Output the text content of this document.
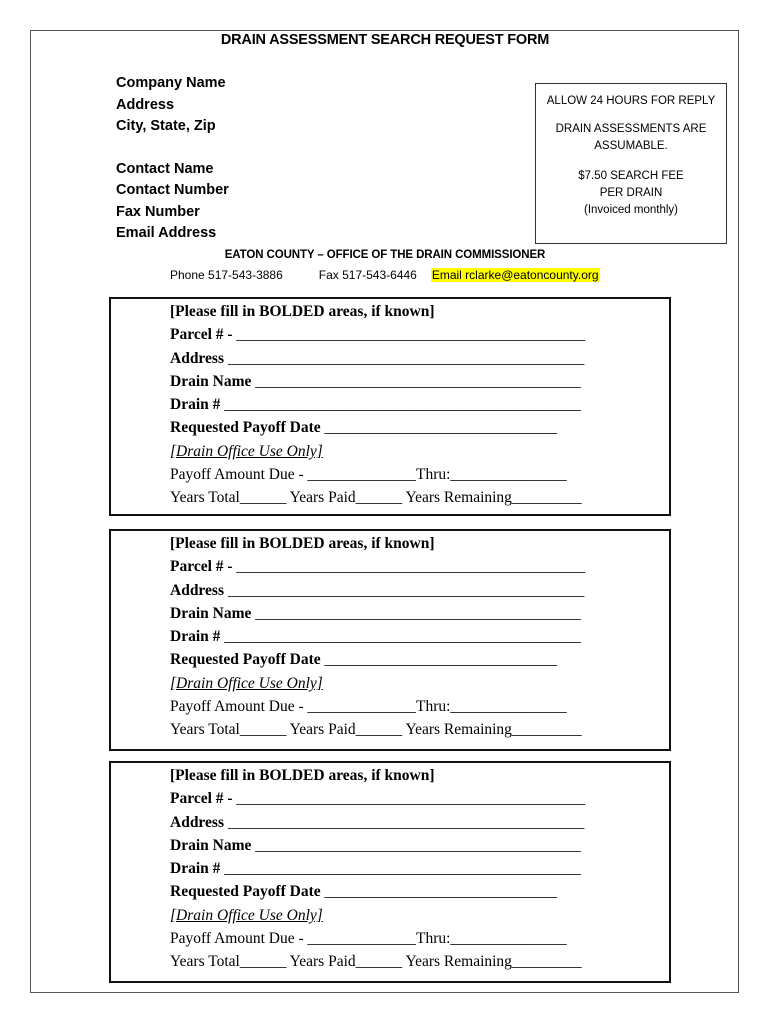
DRAIN ASSESSMENT SEARCH REQUEST FORM
Company Name
Address
City, State, Zip
Contact Name
Contact Number
Fax Number
Email Address
ALLOW 24 HOURS FOR REPLY
DRAIN ASSESSMENTS ARE
ASSUMABLE.
$7.50 SEARCH FEE
PER DRAIN
(Invoiced monthly)
EATON COUNTY – OFFICE OF THE DRAIN COMMISSIONER
Phone 517-543-3886	Fax 517-543-6446 Email rclarke@eatoncounty.org
[Please fill in BOLDED areas, if known]
Parcel # - _____________________________________________
Address ______________________________________________
Drain Name __________________________________________
Drain # ______________________________________________
Requested Payoff Date ______________________________
[Drain Office Use Only]
Payoff Amount Due - ______________Thru:_______________
Years Total______ Years Paid______ Years Remaining_________
[Please fill in BOLDED areas, if known]
Parcel # - _____________________________________________
Address ______________________________________________
Drain Name __________________________________________
Drain # ______________________________________________
Requested Payoff Date ______________________________
[Drain Office Use Only]
Payoff Amount Due - ______________Thru:_______________
Years Total______ Years Paid______ Years Remaining_________
[Please fill in BOLDED areas, if known]
Parcel # - _____________________________________________
Address ______________________________________________
Drain Name __________________________________________
Drain # ______________________________________________
Requested Payoff Date ______________________________
[Drain Office Use Only]
Payoff Amount Due - ______________Thru:_______________
Years Total______ Years Paid______ Years Remaining_________
